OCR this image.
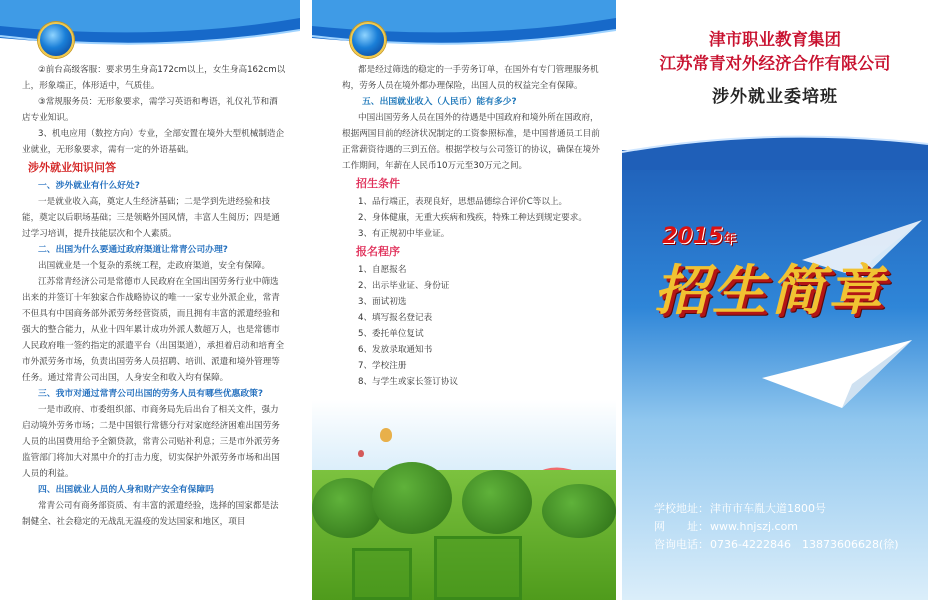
②前台高级客服：要求男生身高172cm以上，女生身高162cm以上，形象端正，体形适中，气质佳。

③常规服务员：无形象要求，需学习英语和粤语，礼仪礼节和酒店专业知识。

3、机电应用（数控方向）专业，全部安置在境外大型机械制造企业就业，无形象要求，需有一定的外语基础。

涉外就业知识问答

一、涉外就业有什么好处?

一是就业收入高，奠定人生经济基础；二是学到先进经验和技能，奠定以后职场基础；三是领略外国风情，丰富人生阅历；四是通过学习培训，提升技能层次和个人素质。

二、出国为什么要通过政府渠道让常青公司办理?

出国就业是一个复杂的系统工程，走政府渠道，安全有保障。

江苏常青经济公司是常德市人民政府在全国出国劳务行业中筛选出来的并签订十年独家合作战略协议的唯一一家专业外派企业，常青不但具有中国商务部外派劳务经营资质，而且拥有丰富的派遣经验和强大的整合能力，从业十四年累计成功外派人数超万人，也是常德市人民政府唯一签约指定的派遣平台（出国渠道），承担着启动和培育全市外派劳务市场，负责出国劳务人员招聘、培训、派遣和境外管理等任务。通过常青公司出国，人身安全和收入均有保障。

三、我市对通过常青公司出国的劳务人员有哪些优惠政策?

一是市政府、市委组织部、市商务局先后出台了相关文件，强力启动境外劳务市场；二是中国银行常德分行对家庭经济困难出国劳务人员的出国费用给予全额贷款，常青公司贴补利息；三是市外派劳务监管部门将加大对黑中介的打击力度，切实保护外派劳务市场和出国人员的利益。

四、出国就业人员的人身和财产安全有保障吗

常青公司有商务部资质、有丰富的派遣经验，选择的国家都是法制健全、社会稳定的无战乱无温疫的发达国家和地区，项目

都是经过筛选的稳定的一手劳务订单，在国外有专门管理服务机构，劳务人员在境外都办理保险，出国人员的权益完全有保障。

五、出国就业收入（人民币）能有多少?

中国出国劳务人员在国外的待遇是中国政府和境外所在国政府，根据两国目前的经济状况制定的工资参照标准，是中国普通员工目前正常薪资待遇的三到五倍。根据学校与公司签订的协议，确保在境外工作期间，年薪在人民币10万元至30万元之间。

招生条件

1、品行端正，表现良好，思想品德综合评价C等以上。

2、身体健康，无重大疾病和残疾，特殊工种达到规定要求。

3、有正规初中毕业证。

报名程序

1、自愿报名

2、出示毕业证、身份证

3、面试初选

4、填写报名登记表

5、委托单位复试

6、发放录取通知书

7、学校注册

8、与学生或家长签订协议

津市职业教育集团
江苏常青对外经济合作有限公司
涉外就业委培班
2015年
招生简章
学校地址：津市市车胤大道1800号
网　　址：www.hnjszj.com
咨询电话：0736-4222846　13873606628(徐)
